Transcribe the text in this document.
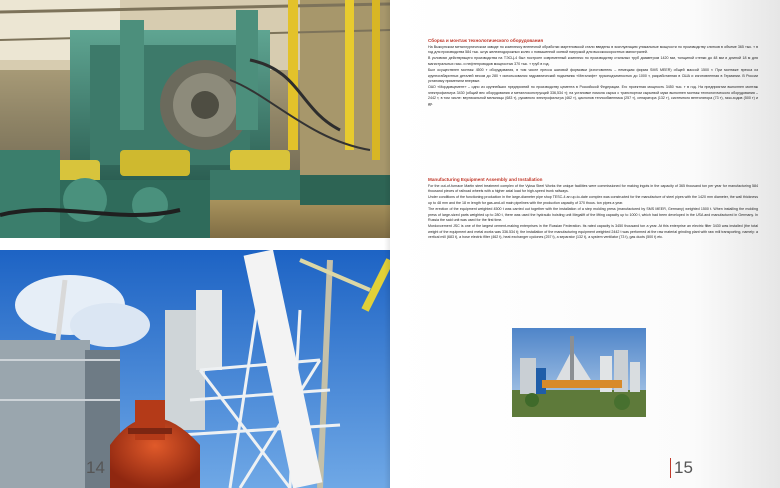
14	15
Сборка и монтаж технологического оборудования

На Выксунском металлургическом заводе по комплексу внепечной обработки мартеновской стали введены в эксплуатацию уникальные мощности по производству слитков в объеме 365 тыс. т в год для производства 584 тыс. штук железнодорожных колес с повышенной осевой нагрузкой для высокоскоростных магистралей.

В условиях действующего производства на ТЭСЦ-4 был построен современный комплекс по производству стальных труб диаметром 1420 мм, толщиной стенки до 48 мм и длиной 18 м для магистральных газо- и нефтепроводов мощностью 370 тыс. т труб в год.

Был осуществлен монтаж 4500 т оборудования, в том числе пресса шаговой формовки (изготовитель – немецкая фирма SMS MEER) общей массой 1500 т. При монтаже пресса из крупногабаритных деталей весом до 280 т использовался гидравлический подъемник «Мегалифт» грузоподъемностью до 1000 т, разработанная в США и изготовленная в Германии. В России установку применили впервые.

ОАО «Мордовцемент» – одно из крупнейших предприятий по производству цемента в Российской Федерации. Его проектная мощность 3450 тыс. т в год. На предприятии выполнен монтаж электрофильтра 3430 (общий вес оборудования и металлоконструкций 336,534 т); на установке помола сырья с транспортом сырьевой муки выполнен монтаж технологического оборудования – 2442 т, в том числе: вертикальной мельницы (683 т), рукавного электрофильтра (462 т), циклонов теплообменника (257 т), сепаратора (132 т), системного вентилятора (73 т), газо-ходов (500 т) и др.

Manufacturing Equipment Assembly and Installation

For the out-of-furnace Martin steel treatment complex of the Vyksa Steel Works the unique facilities were commissioned for making ingots in the capacity of 365 thousand ton per year for manufacturing 584 thousand pieces of railroad wheels with a higher axial load for high-speed trunk railways.

Under conditions of the functioning production in the large-diameter pipe shop TESC-4 an up-to-date complex was constructed for the manufacture of steel pipes with the 1420 mm diameter, the wall thickness up to 48 mm and the 18 m length for gas-and-oil main pipelines with the production capacity of 370 thous. ton pipes a year.

The erection of the equipment weighted 4500 t was carried out together with the installation of a step molding press (manufactured by SMS MEER, Germany) weighted 1500 t. When installing the molding press of large-sized parts weighted up to 280 t, there was used the hydraulic hoisting unit Megalift of the lifting capacity up to 1000 t, which had been developed in the USA and manufactured in Germany. In Russia the said unit was used for the first time.

Mordovcement JSC is one of the largest cement-making enterprises in the Russian Federation. Its rated capacity is 3450 thousand ton a year. At this enterprise an electric filter 3430 was installed (the total weight of the equipment and metal works was 336.534 t); the installation of the manufacturing equipment weighted 2442 t was performed at the raw material grinding plant with raw mill transporting, namely: a vertical mill (683 t), a hose electric filter (462 t), heat exchanger cyclones (257 t), a separator (132 t), a system ventilator (73 t), gas ducts (500 t) etc.
